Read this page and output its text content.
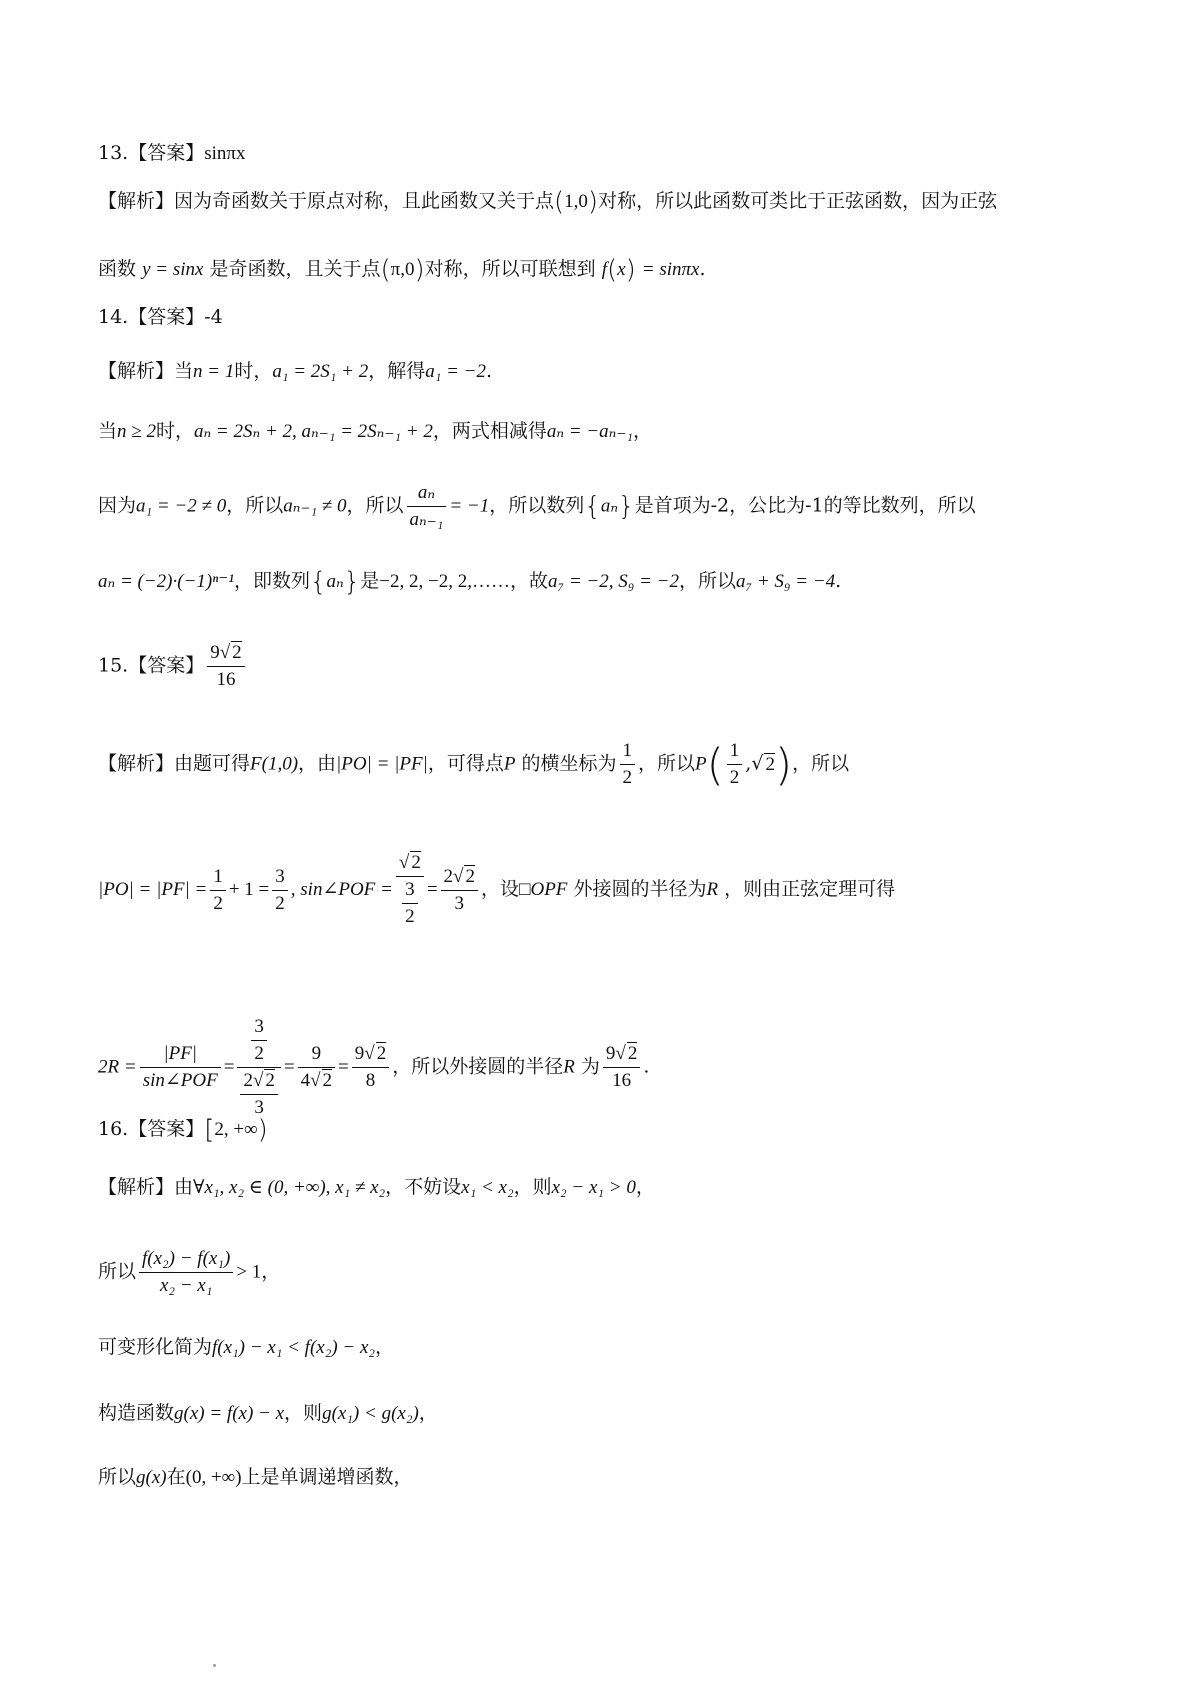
13.【答案】sinπx
【解析】因为奇函数关于原点对称，且此函数又关于点(1,0)对称，所以此函数可类比于正弦函数，因为正弦
函数 y = sinx 是奇函数，且关于点(π,0)对称，所以可联想到 f(x) = sinπx.
14.【答案】-4
【解析】当n = 1时，a₁ = 2S₁ + 2，解得a₁ = −2.
当n ≥ 2时，aₙ = 2Sₙ + 2, aₙ₋₁ = 2Sₙ₋₁ + 2，两式相减得aₙ = −aₙ₋₁，
因为a₁ = −2 ≠ 0，所以aₙ₋₁ ≠ 0，所以 $\frac{\text{aₙ}}{\text{aₙ₋₁}} = -1$，所以数列{aₙ}是首项为-2，公比为-1的等比数列，所以
aₙ = (−2)·(−1)ⁿ⁻¹，即数列{aₙ}是−2, 2, −2, 2,……，故a₇ = −2, S₉ = −2，所以a₇ + S₉ = −4.
15.【答案】 $\frac{9√ 2}{16}$
【解析】由题可得F(1,0)，由|PO| = |PF|，可得点P 的横坐标为 $\frac{1}{2}$ ，所以$P( \frac{1}{2}$ ,√ 2)，所以
$|PO| = |PF| = \frac{1}{2} + 1 = \frac{3}{2}$ , sin∠POF = $\frac{√ 2}{\frac{3}{2}} = \frac{2√ 2}{3}$ ，设□OPF 外接圆的半径为R ，则由正弦定理可得
2R =
|PF|
sin∠POF
= $\frac{\frac{3}{2}}{\frac{2√ 2}{3}} = \frac{9}{4√ 2} = \frac{9√ 2}{8}$ ，所以外接圆的半径R 为 $\frac{9√ 2}{16}$ .
16.【答案】[2, +∞)
【解析】由∀x₁, x₂ ∈ (0, +∞), x₁ ≠ x₂，不妨设x₁ < x₂，则x₂ − x₁ > 0，
所以 $\frac{\text{f(x₂) − f(x₁)}}{\text{x₂ − x₁}} > 1$，
可变形化简为f(x₁) − x₁ < f(x₂) − x₂，
构造函数g(x) = f(x) − x，则g(x₁) < g(x₂)，
所以g(x)在(0, +∞)上是单调递增函数，
